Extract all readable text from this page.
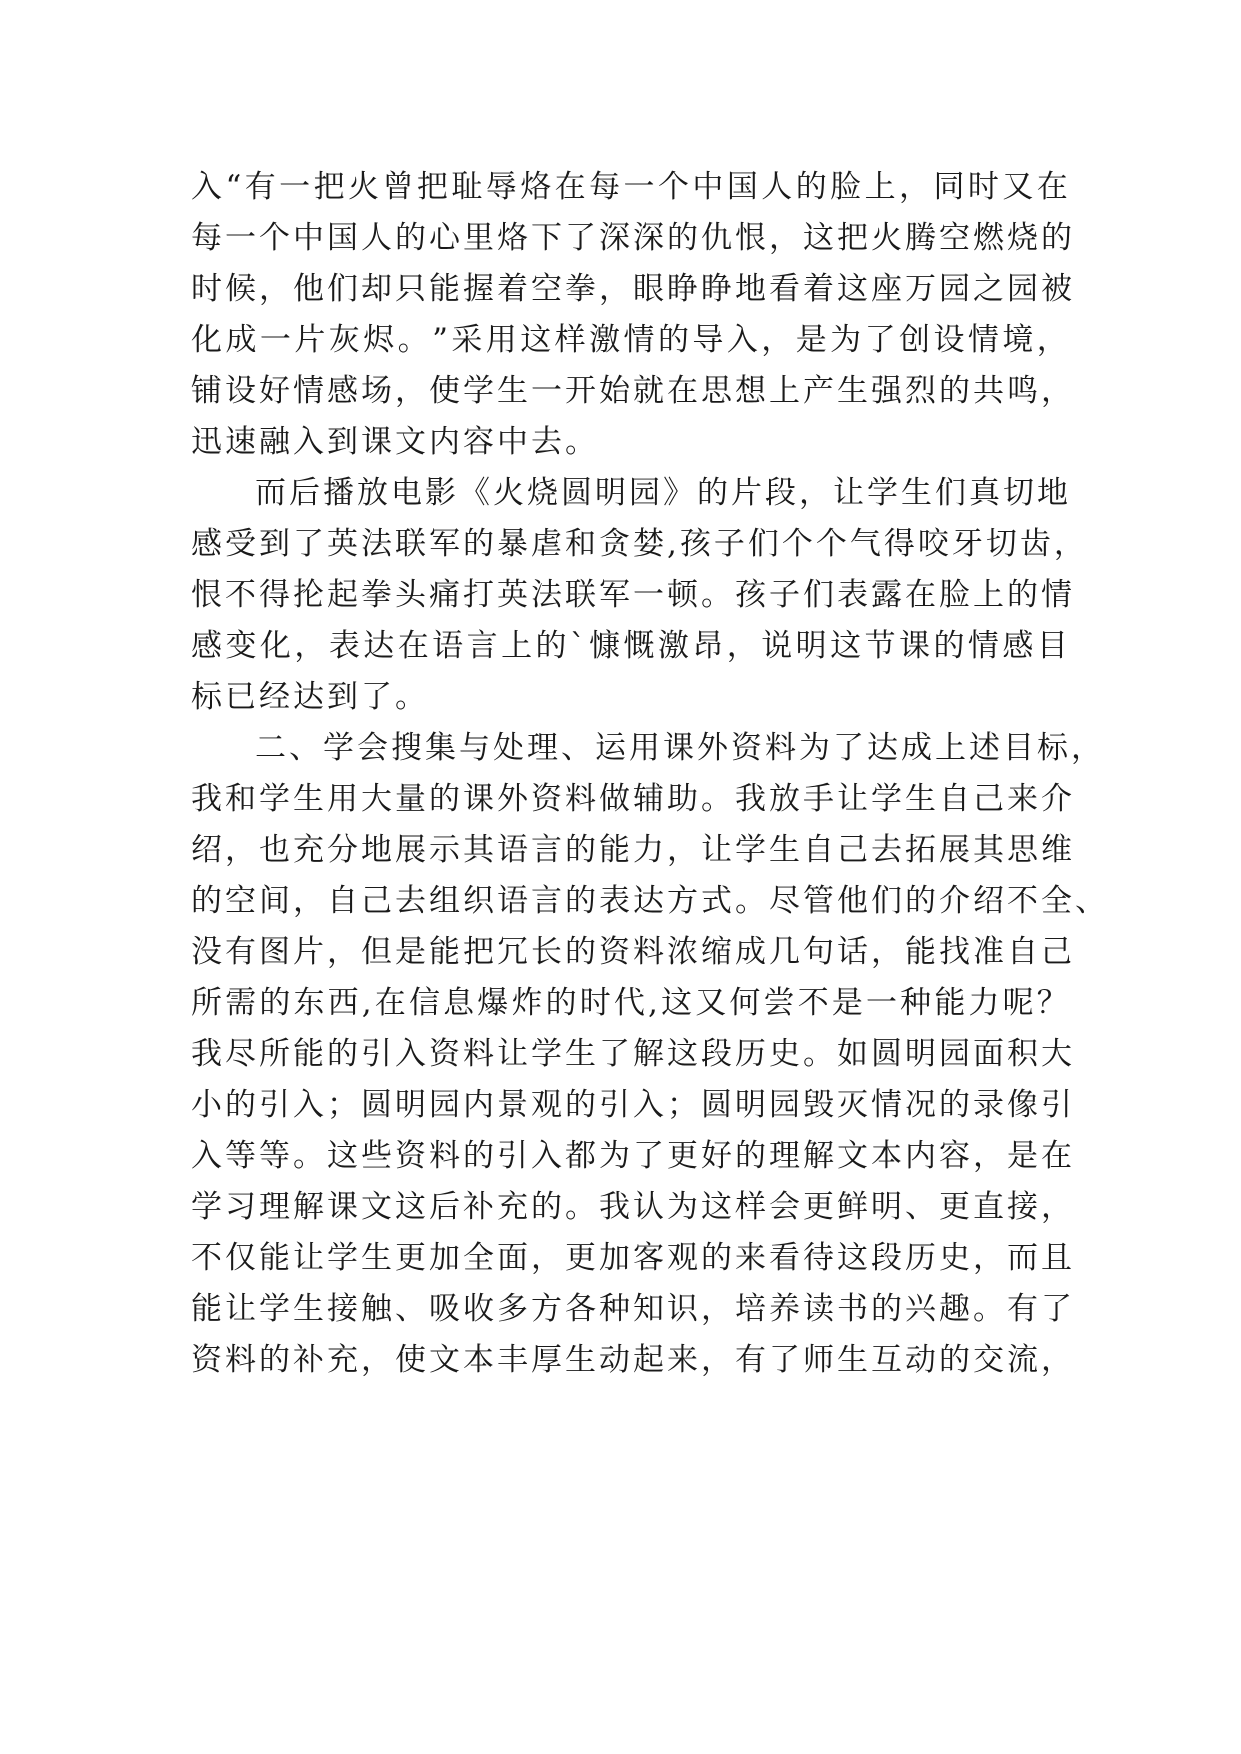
入 “ 有 一 把 火 曾 把 耻 辱 烙 在 每 一 个 中 国 人 的 脸 上 ， 同 时 又 在
每 一 个 中 国 人 的 心 里 烙 下 了 深 深 的 仇 恨 ， 这 把 火 腾 空 燃 烧 的
时 候 ， 他 们 却 只 能 握 着 空 拳 ， 眼 睁 睁 地 看 着 这 座 万 园 之 园 被
化 成 一 片 灰 烬 。 ” 采 用 这 样 激 情 的 导 入 ， 是 为 了 创 设 情 境 ，
铺 设 好 情 感 场 ， 使 学 生 一 开 始 就 在 思 想 上 产 生 强 烈 的 共 鸣 ，
迅 速 融 入 到 课 文 内 容 中 去 。
而 后 播 放 电 影 《 火 烧 圆 明 园 》 的 片 段 ， 让 学 生 们 真 切 地
感 受 到 了 英 法 联 军 的 暴 虐 和 贪 婪 , 孩 子 们 个 个 气 得 咬 牙 切 齿 ，
恨 不 得 抡 起 拳 头 痛 打 英 法 联 军 一 顿 。 孩 子 们 表 露 在 脸 上 的 情
感 变 化 ， 表 达 在 语 言 上 的 ` 慷 慨 激 昂 ， 说 明 这 节 课 的 情 感 目
标 已 经 达 到 了 。
二 、 学 会 搜 集 与 处 理 、 运 用 课 外 资 料 为 了 达 成 上 述 目 标 ，
我 和 学 生 用 大 量 的 课 外 资 料 做 辅 助 。 我 放 手 让 学 生 自 己 来 介
绍 ， 也 充 分 地 展 示 其 语 言 的 能 力 ， 让 学 生 自 己 去 拓 展 其 思 维
的 空 间 ， 自 己 去 组 织 语 言 的 表 达 方 式 。 尽 管 他 们 的 介 绍 不 全 、
没 有 图 片 ， 但 是 能 把 冗 长 的 资 料 浓 缩 成 几 句 话 ， 能 找 准 自 己
所 需 的 东 西 , 在 信 息 爆 炸 的 时 代 , 这 又 何 尝 不 是 一 种 能 力 呢 ？
我 尽 所 能 的 引 入 资 料 让 学 生 了 解 这 段 历 史 。 如 圆 明 园 面 积 大
小 的 引 入 ； 圆 明 园 内 景 观 的 引 入 ； 圆 明 园 毁 灭 情 况 的 录 像 引
入 等 等 。 这 些 资 料 的 引 入 都 为 了 更 好 的 理 解 文 本 内 容 ， 是 在
学 习 理 解 课 文 这 后 补 充 的 。 我 认 为 这 样 会 更 鲜 明 、 更 直 接 ，
不 仅 能 让 学 生 更 加 全 面 ， 更 加 客 观 的 来 看 待 这 段 历 史 ， 而 且
能 让 学 生 接 触 、 吸 收 多 方 各 种 知 识 ， 培 养 读 书 的 兴 趣 。 有 了
资 料 的 补 充 ， 使 文 本 丰 厚 生 动 起 来 ， 有 了 师 生 互 动 的 交 流 ，
